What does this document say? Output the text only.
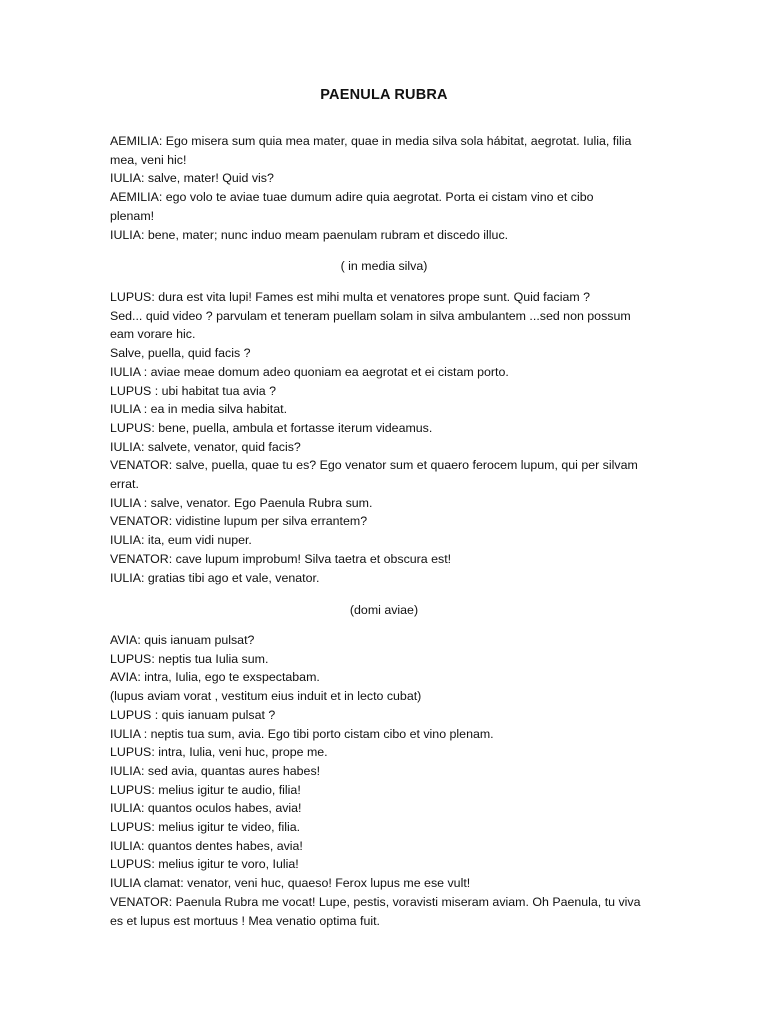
PAENULA RUBRA
AEMILIA: Ego misera sum quia mea mater, quae in media silva sola hábitat, aegrotat. Iulia, filia
mea, veni hic!
IULIA: salve, mater! Quid vis?
AEMILIA: ego volo te aviae tuae dumum adire quia aegrotat. Porta ei cistam vino et cibo
plenam!
IULIA: bene, mater; nunc induo meam paenulam rubram et discedo illuc.
( in media silva)
LUPUS: dura est vita lupi! Fames est mihi multa et venatores prope sunt. Quid faciam ?
Sed... quid video ? parvulam et teneram puellam solam in silva ambulantem ...sed non possum
eam vorare hic.
Salve, puella, quid facis ?
IULIA : aviae meae domum adeo quoniam ea aegrotat et ei cistam porto.
LUPUS : ubi habitat tua avia ?
IULIA : ea in media silva habitat.
LUPUS: bene, puella, ambula et fortasse iterum videamus.
IULIA: salvete, venator, quid facis?
VENATOR: salve, puella, quae tu es? Ego venator sum et quaero ferocem lupum, qui per silvam
errat.
IULIA : salve, venator. Ego Paenula Rubra sum.
VENATOR: vidistine lupum per silva errantem?
IULIA: ita, eum vidi nuper.
VENATOR: cave lupum improbum! Silva taetra et obscura est!
IULIA: gratias tibi ago et vale, venator.
(domi aviae)
AVIA: quis ianuam pulsat?
LUPUS: neptis tua Iulia sum.
AVIA: intra, Iulia, ego te exspectabam.
(lupus aviam vorat , vestitum eius induit et in lecto cubat)
LUPUS : quis ianuam pulsat ?
IULIA : neptis tua sum, avia. Ego tibi porto cistam cibo et vino plenam.
LUPUS: intra, Iulia, veni huc, prope me.
IULIA: sed avia, quantas aures habes!
LUPUS: melius igitur te audio, filia!
IULIA: quantos oculos habes, avia!
LUPUS: melius igitur te video, filia.
IULIA: quantos dentes habes, avia!
LUPUS: melius igitur te voro, Iulia!
IULIA clamat: venator, veni huc, quaeso! Ferox lupus me ese vult!
VENATOR: Paenula Rubra me vocat! Lupe, pestis, voravisti miseram aviam. Oh Paenula, tu viva
es et lupus est mortuus ! Mea venatio optima fuit.
